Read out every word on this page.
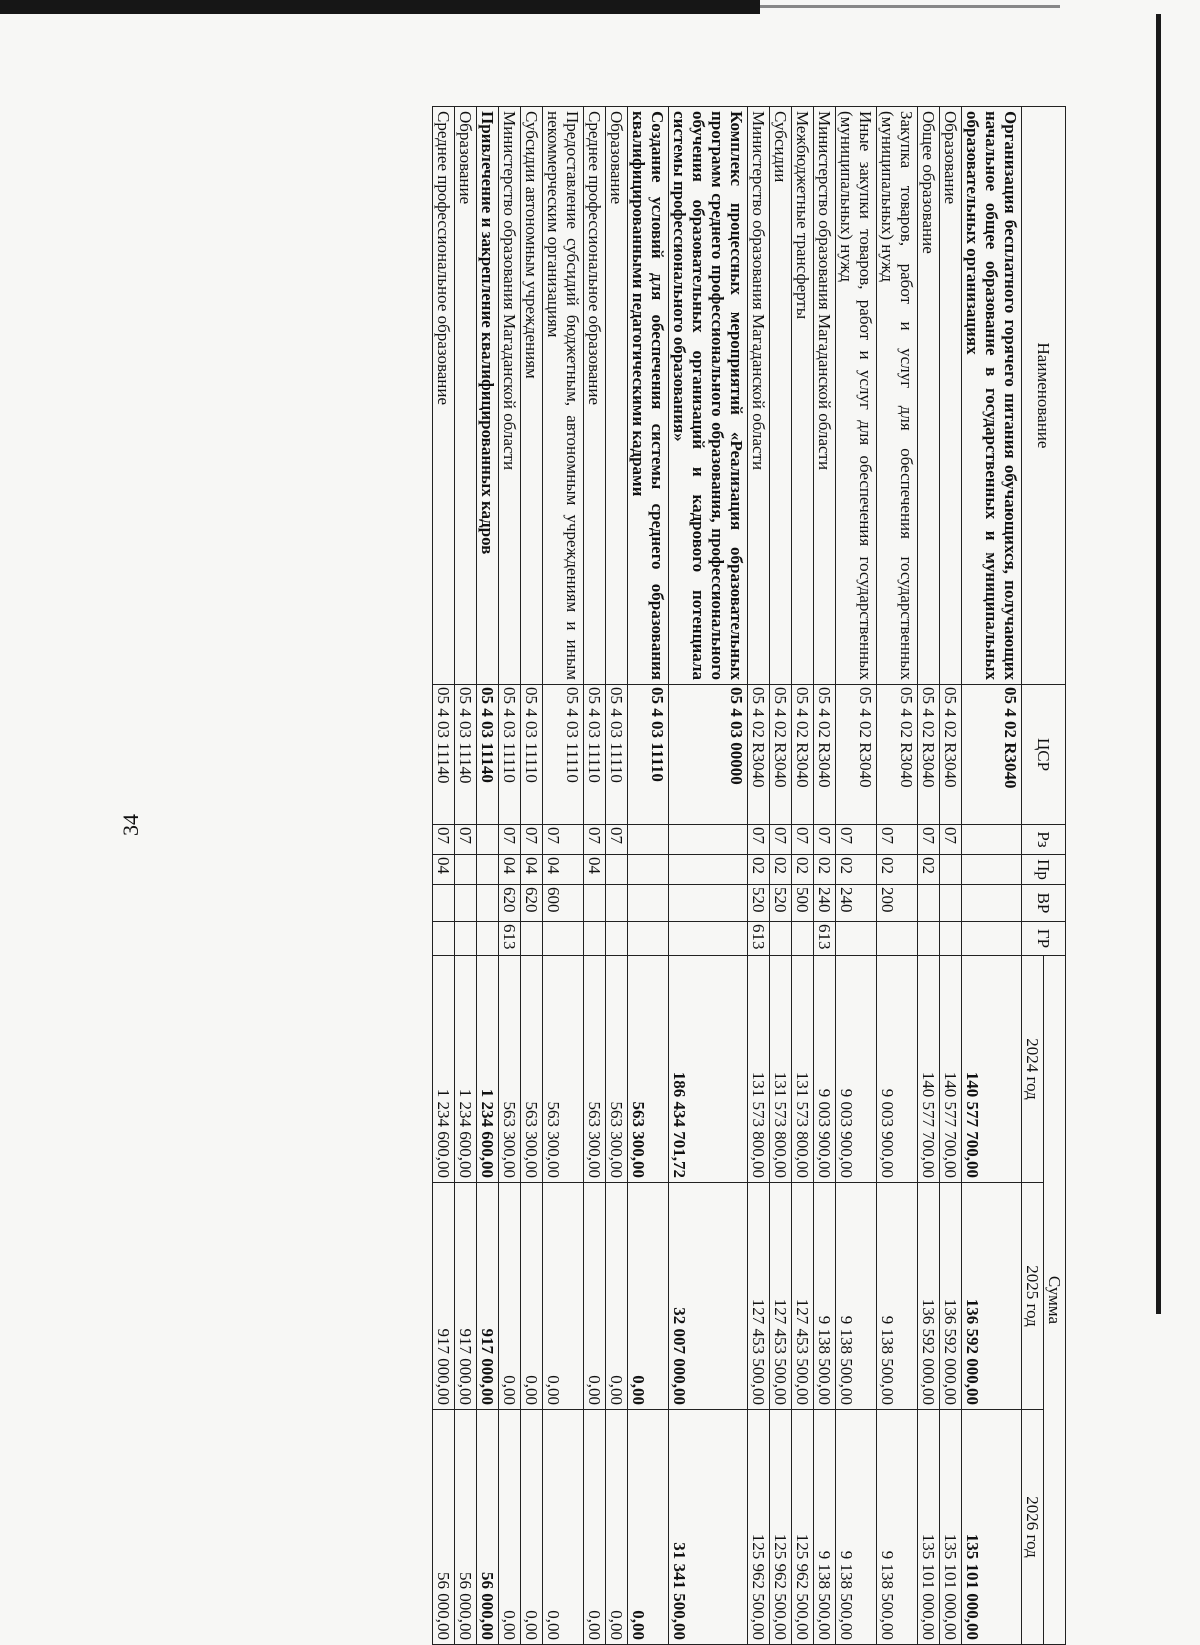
34
Наименование	ЦСР	Рз	Пр	ВР	ГР	Сумма		
						2024 год	2025 год	2026 год
Организация бесплатного горячего питания обучающихся, получающих начальное общее образование в государственных и муниципальных образовательных организациях	05 4 02 R3040					140 577 700,00	136 592 000,00	135 101 000,00
Образование	05 4 02 R3040	07				140 577 700,00	136 592 000,00	135 101 000,00
Общее образование	05 4 02 R3040	07	02			140 577 700,00	136 592 000,00	135 101 000,00
Закупка товаров, работ и услуг для обеспечения государственных (муниципальных) нужд	05 4 02 R3040	07	02	200		9 003 900,00	9 138 500,00	9 138 500,00
Иные закупки товаров, работ и услуг для обеспечения государственных (муниципальных) нужд	05 4 02 R3040	07	02	240		9 003 900,00	9 138 500,00	9 138 500,00
Министерство образования Магаданской области	05 4 02 R3040	07	02	240	613	9 003 900,00	9 138 500,00	9 138 500,00
Межбюджетные трансферты	05 4 02 R3040	07	02	500		131 573 800,00	127 453 500,00	125 962 500,00
Субсидии	05 4 02 R3040	07	02	520		131 573 800,00	127 453 500,00	125 962 500,00
Министерство образования Магаданской области	05 4 02 R3040	07	02	520	613	131 573 800,00	127 453 500,00	125 962 500,00
Комплекс процессных мероприятий «Реализация образовательных программ среднего профессионального образования, профессионального обучения образовательных организаций и кадрового потенциала системы профессионального образования»	05 4 03 00000					186 434 701,72	32 007 000,00	31 341 500,00
Создание условий для обеспечения системы среднего образования квалифицированными педагогическими кадрами	05 4 03 11110					563 300,00	0,00	0,00
Образование	05 4 03 11110	07				563 300,00	0,00	0,00
Среднее профессиональное образование	05 4 03 11110	07	04			563 300,00	0,00	0,00
Предоставление субсидий бюджетным, автономным учреждениям и иным некоммерческим организациям	05 4 03 11110	07	04	600		563 300,00	0,00	0,00
Субсидии автономным учреждениям	05 4 03 11110	07	04	620		563 300,00	0,00	0,00
Министерство образования Магаданской области	05 4 03 11110	07	04	620	613	563 300,00	0,00	0,00
Привлечение и закрепление квалифицированных кадров	05 4 03 11140					1 234 600,00	917 000,00	56 000,00
Образование	05 4 03 11140	07				1 234 600,00	917 000,00	56 000,00
Среднее профессиональное образование	05 4 03 11140	07	04			1 234 600,00	917 000,00	56 000,00
